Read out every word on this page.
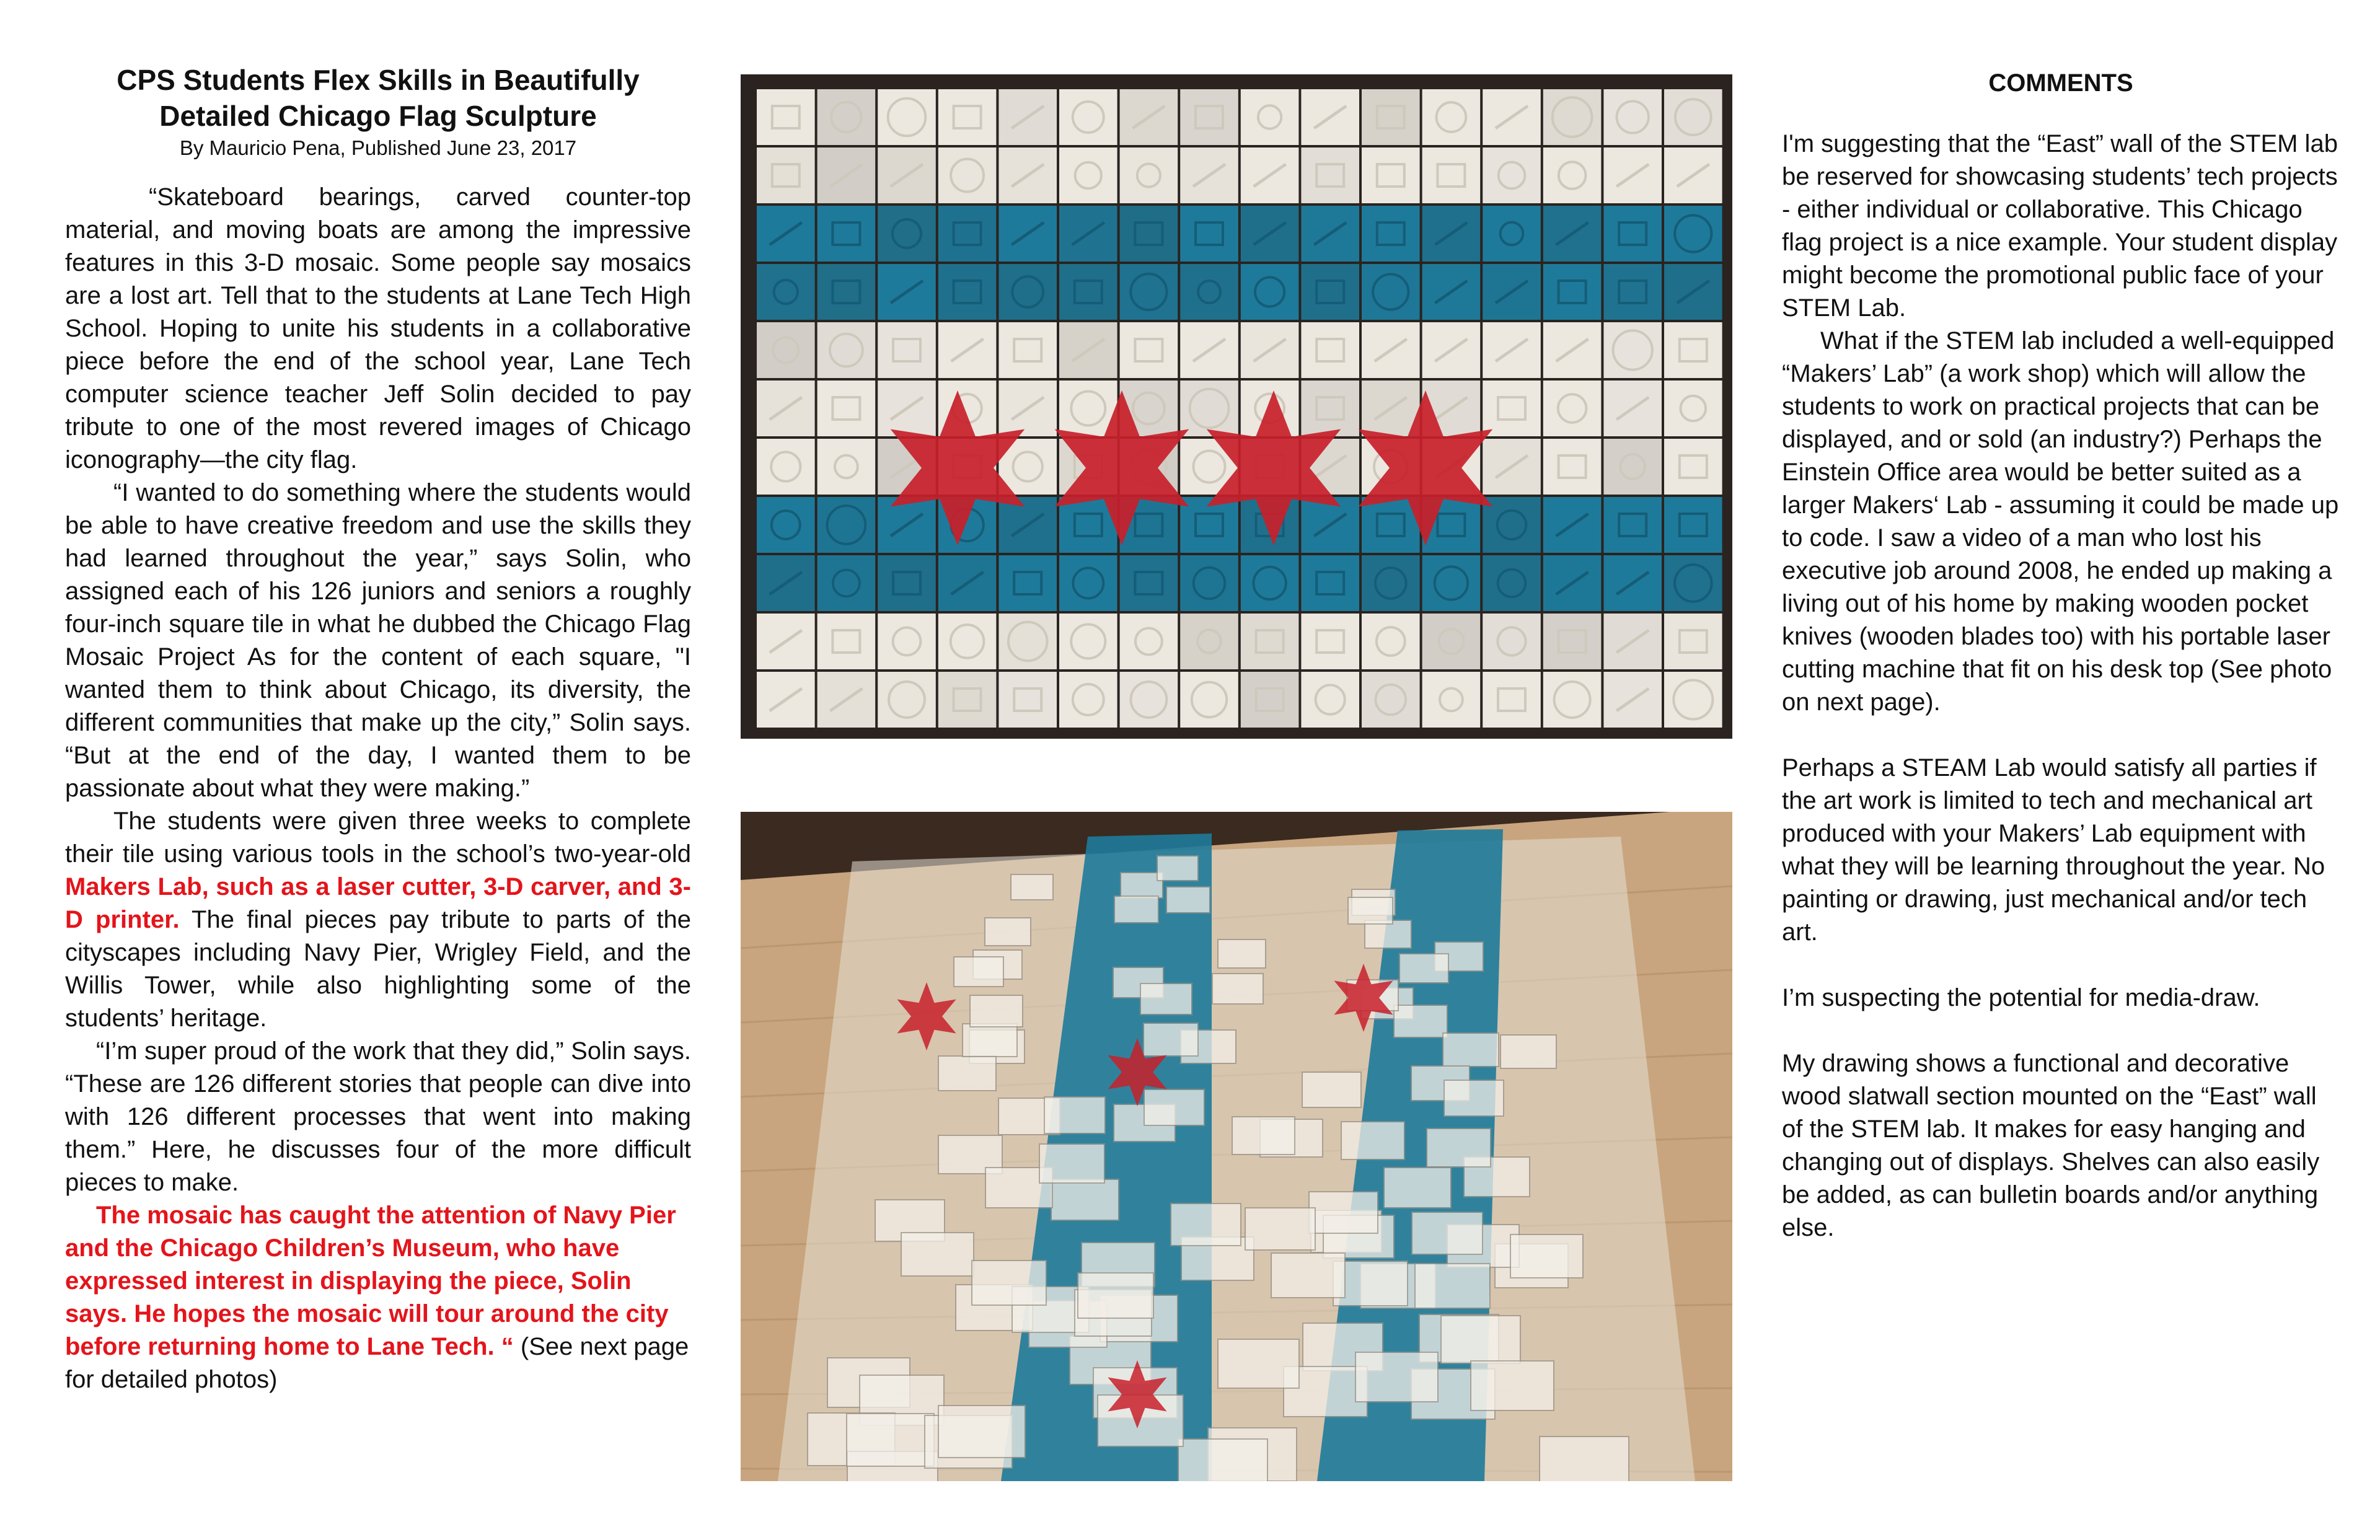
CPS Students Flex Skills in Beautifully
Detailed Chicago Flag Sculpture
By Mauricio Pena, Published June 23, 2017

“Skateboard bearings, carved counter-top material, and moving boats are among the impressive features in this 3-D mosaic. Some people say mosaics are a lost art. Tell that to the students at Lane Tech High School. Hoping to unite his students in a collaborative piece before the end of the school year, Lane Tech computer science teacher Jeff Solin decided to pay tribute to one of the most revered images of Chicago iconography—the city flag.

“I wanted to do something where the students would be able to have creative freedom and use the skills they had learned throughout the year,” says Solin, who assigned each of his 126 juniors and seniors a roughly four-inch square tile in what he dubbed the Chicago Flag Mosaic Project As for the content of each square, "I wanted them to think about Chicago, its diversity, the different communities that make up the city,” Solin says. “But at the end of the day, I wanted them to be passionate about what they were making.”

The students were given three weeks to complete their tile using various tools in the school’s two-year-old Makers Lab, such as a laser cutter, 3-D carver, and 3-D printer. The final pieces pay tribute to parts of the cityscapes including Navy Pier, Wrigley Field, and the Willis Tower, while also highlighting some of the students’ heritage.

“I’m super proud of the work that they did,” Solin says. “These are 126 different stories that people can dive into with 126 different processes that went into making them.” Here, he discusses four of the more difficult pieces to make.

The mosaic has caught the attention of Navy Pier and the Chicago Children’s Museum, who have expressed interest in displaying the piece, Solin says. He hopes the mosaic will tour around the city before returning home to Lane Tech. “ (See next page for detailed photos)

COMMENTS

I'm suggesting that the “East” wall of the STEM lab be reserved for showcasing students’ tech projects - either individual or collaborative. This Chicago flag project is a nice example. Your student display might become the promotional public face of your STEM Lab.

What if the STEM lab included a well-equipped “Makers’ Lab” (a work shop) which will allow the students to work on practical projects that can be displayed, and or sold (an industry?) Perhaps the Einstein Office area would be better suited as a larger Makers‘ Lab - assuming it could be made up to code. I saw a video of a man who lost his executive job around 2008, he ended up making a living out of his home by making wooden pocket knives (wooden blades too) with his portable laser cutting machine that fit on his desk top (See photo on next page).

Perhaps a STEAM Lab would satisfy all parties if the art work is limited to tech and mechanical art produced with your Makers’ Lab equipment with what they will be learning throughout the year. No painting or drawing, just mechanical and/or tech art.

I’m suspecting the potential for media-draw.

My drawing shows a functional and decorative wood slatwall section mounted on the “East” wall of the STEM lab. It makes for easy hanging and changing out of displays. Shelves can also easily be added, as can bulletin boards and/or anything else.
